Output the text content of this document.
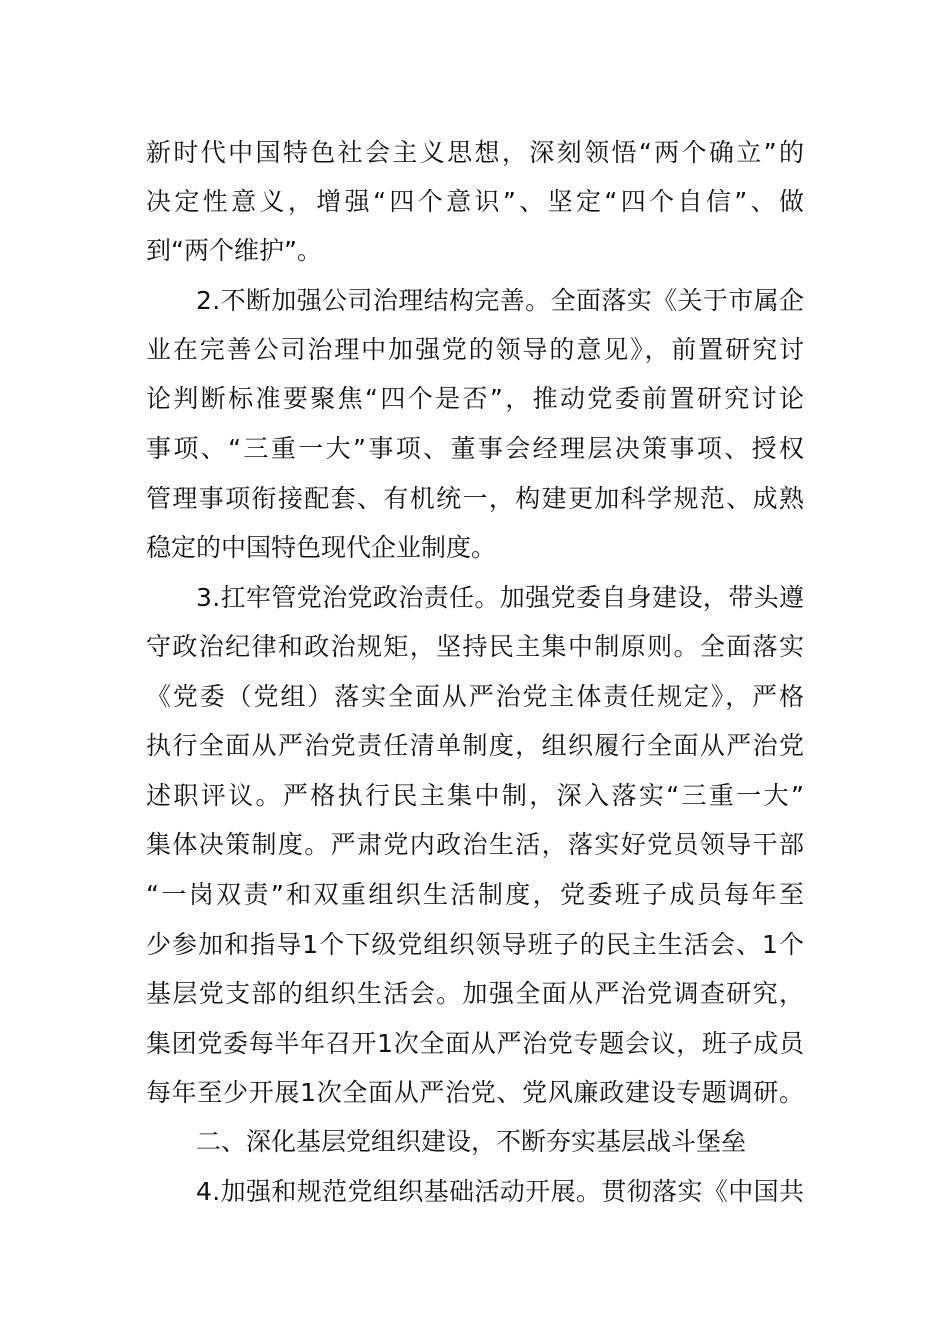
新时代中国特色社会主义思想，深刻领悟“两个确立”的
决定性意义，增强“四个意识”、坚定“四个自信”、做
到“两个维护”。
2.不断加强公司治理结构完善。全面落实《关于市属企
业在完善公司治理中加强党的领导的意见》，前置研究讨
论判断标准要聚焦“四个是否”，推动党委前置研究讨论
事项、“三重一大”事项、董事会经理层决策事项、授权
管理事项衔接配套、有机统一，构建更加科学规范、成熟
稳定的中国特色现代企业制度。
3.扛牢管党治党政治责任。加强党委自身建设，带头遵
守政治纪律和政治规矩，坚持民主集中制原则。全面落实
《党委（党组）落实全面从严治党主体责任规定》，严格
执行全面从严治党责任清单制度，组织履行全面从严治党
述职评议。严格执行民主集中制，深入落实“三重一大”
集体决策制度。严肃党内政治生活，落实好党员领导干部
“一岗双责”和双重组织生活制度，党委班子成员每年至
少参加和指导1个下级党组织领导班子的民主生活会、1个
基层党支部的组织生活会。加强全面从严治党调查研究，
集团党委每半年召开1次全面从严治党专题会议，班子成员
每年至少开展1次全面从严治党、党风廉政建设专题调研。
二、深化基层党组织建设，不断夯实基层战斗堡垒
4.加强和规范党组织基础活动开展。贯彻落实《中国共
